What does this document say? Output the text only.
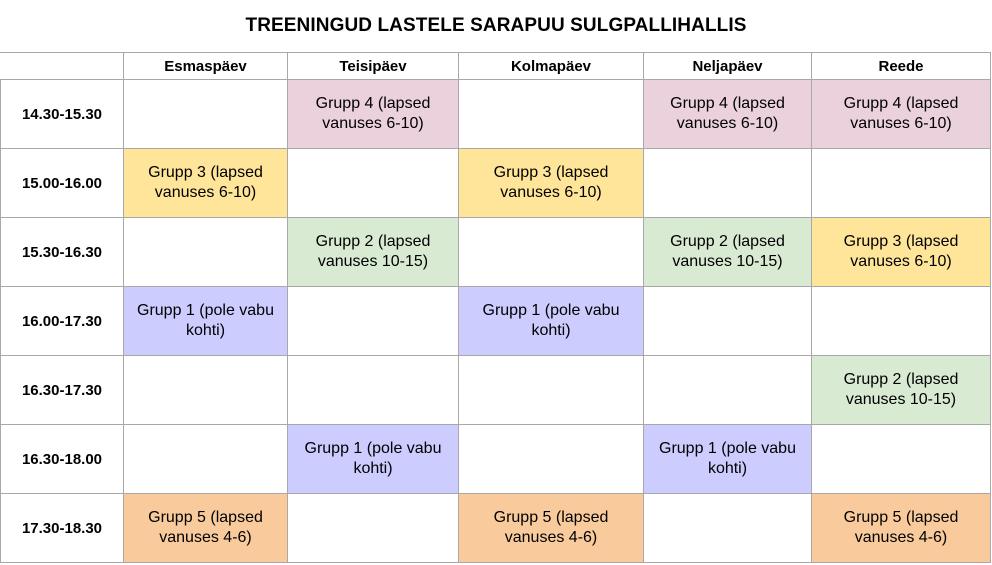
TREENINGUD LASTELE SARAPUU SULGPALLIHALLIS
	Esmaspäev	Teisipäev	Kolmapäev	Neljapäev	Reede
14.30-15.30		Grupp 4 (lapsed vanuses 6-10)		Grupp 4 (lapsed vanuses 6-10)	Grupp 4 (lapsed vanuses 6-10)
15.00-16.00	Grupp 3 (lapsed vanuses 6-10)		Grupp 3 (lapsed vanuses 6-10)		
15.30-16.30		Grupp 2 (lapsed vanuses 10-15)		Grupp 2 (lapsed vanuses 10-15)	Grupp 3 (lapsed vanuses 6-10)
16.00-17.30	Grupp 1 (pole vabu kohti)		Grupp 1 (pole vabu kohti)		
16.30-17.30					Grupp 2 (lapsed vanuses 10-15)
16.30-18.00		Grupp 1 (pole vabu kohti)		Grupp 1 (pole vabu kohti)	
17.30-18.30	Grupp 5 (lapsed vanuses 4-6)		Grupp 5 (lapsed vanuses 4-6)		Grupp 5 (lapsed vanuses 4-6)
